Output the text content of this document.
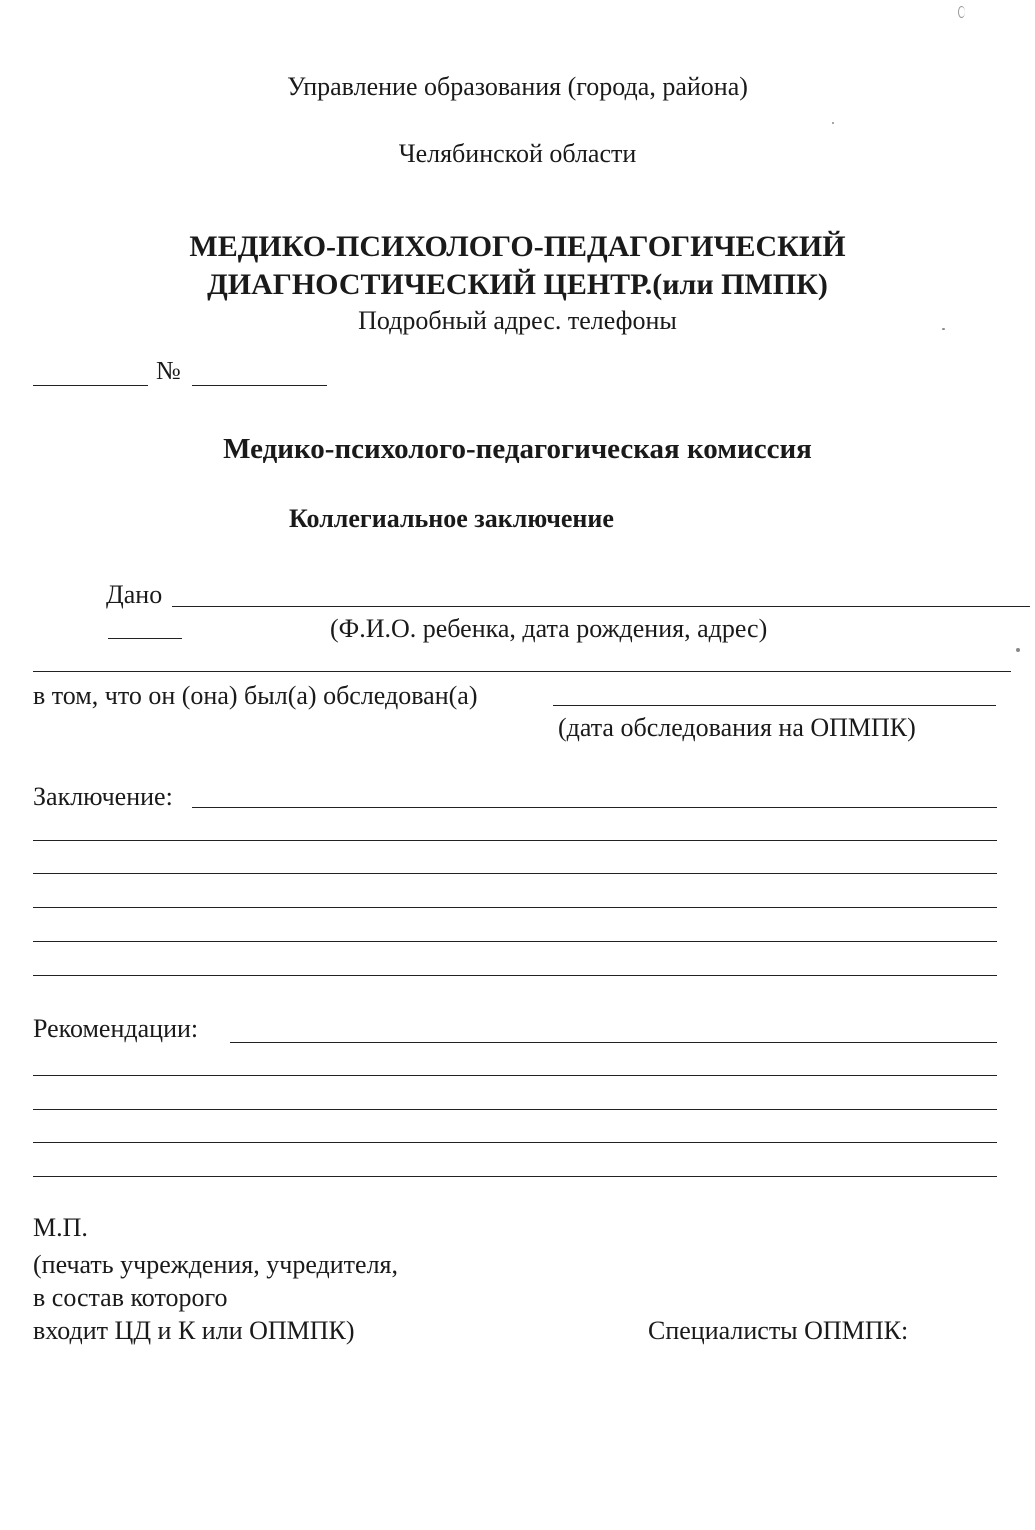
Управление образования (города, района)
Челябинской области
МЕДИКО-ПСИХОЛОГО-ПЕДАГОГИЧЕСКИЙ
ДИАГНОСТИЧЕСКИЙ ЦЕНТР.(или ПМПК)
Подробный адрес. телефоны
№
Медико-психолого-педагогическая комиссия
Коллегиальное заключение
Дано
(Ф.И.О. ребенка, дата рождения, адрес)
в том, что он (она) был(а) обследован(а)
(дата обследования на ОПМПК)
Заключение:
Рекомендации:
М.П.
(печать учреждения, учредителя,
в состав которого
входит ЦД и К или ОПМПК)	Специалисты ОПМПК:
